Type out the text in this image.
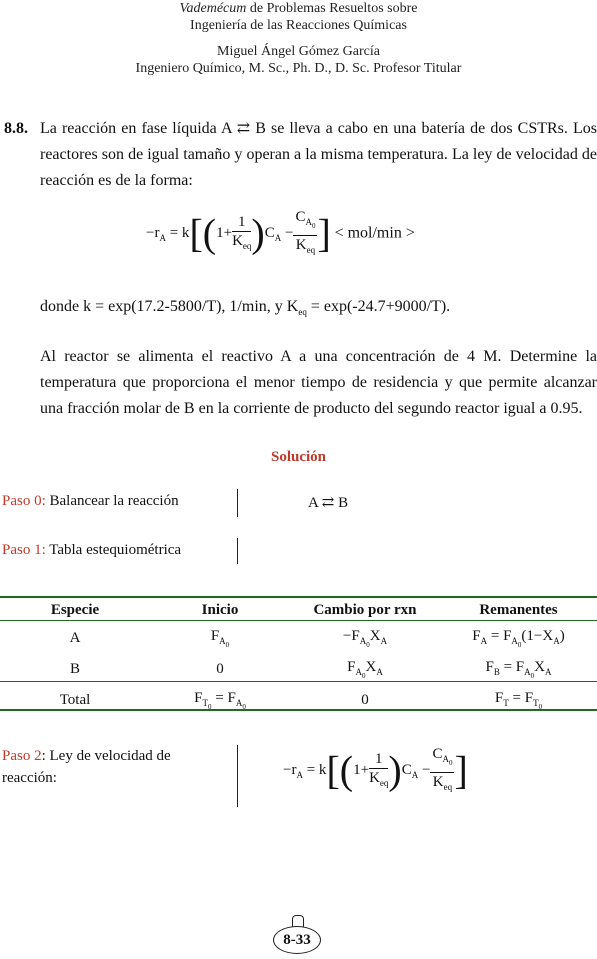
Vademécum de Problemas Resueltos sobre
Ingeniería de las Reacciones Químicas
Miguel Ángel Gómez García
Ingeniero Químico, M. Sc., Ph. D., D. Sc. Profesor Titular
8.8. La reacción en fase líquida A ⇄ B se lleva a cabo en una batería de dos CSTRs. Los reactores son de igual tamaño y operan a la misma temperatura. La ley de velocidad de reacción es de la forma:
$-r_A = k[(1+ \frac{1}{K_{eq}} )C_A - \frac{C_{A_0}}{K_{eq}}$ ] < mol/min >
donde k = exp(17.2-5800/T), 1/min, y $K_{eq} = \exp(-24.7+9000/T)$.
Al reactor se alimenta el reactivo A a una concentración de 4 M. Determine la temperatura que proporciona el menor tiempo de residencia y que permite alcanzar una fracción molar de B en la corriente de producto del segundo reactor igual a 0.95.
Solución
Paso 0: Balancear la reacción	A ⇄ B
Paso 1: Tabla estequiométrica
Especie	Inicio	Cambio por rxn	Remanentes
A	$F_{A_0}$	$-F_{A_0}X_A$	$F_A = F_{A_0}(1-X_A)$
B	0	$F_{A_0}X_A$	$F_B = F_{A_0}X_A$
Total	$F_{T_0} = F_{A_0}$	0	$F_T = F_{T_0}$
Paso 2: Ley de velocidad de reacción:
$-r_A = k[(1+ \frac{1}{K_{eq}} )C_A - \frac{C_{A_0}}{K_{eq}}$ ]
8-33
